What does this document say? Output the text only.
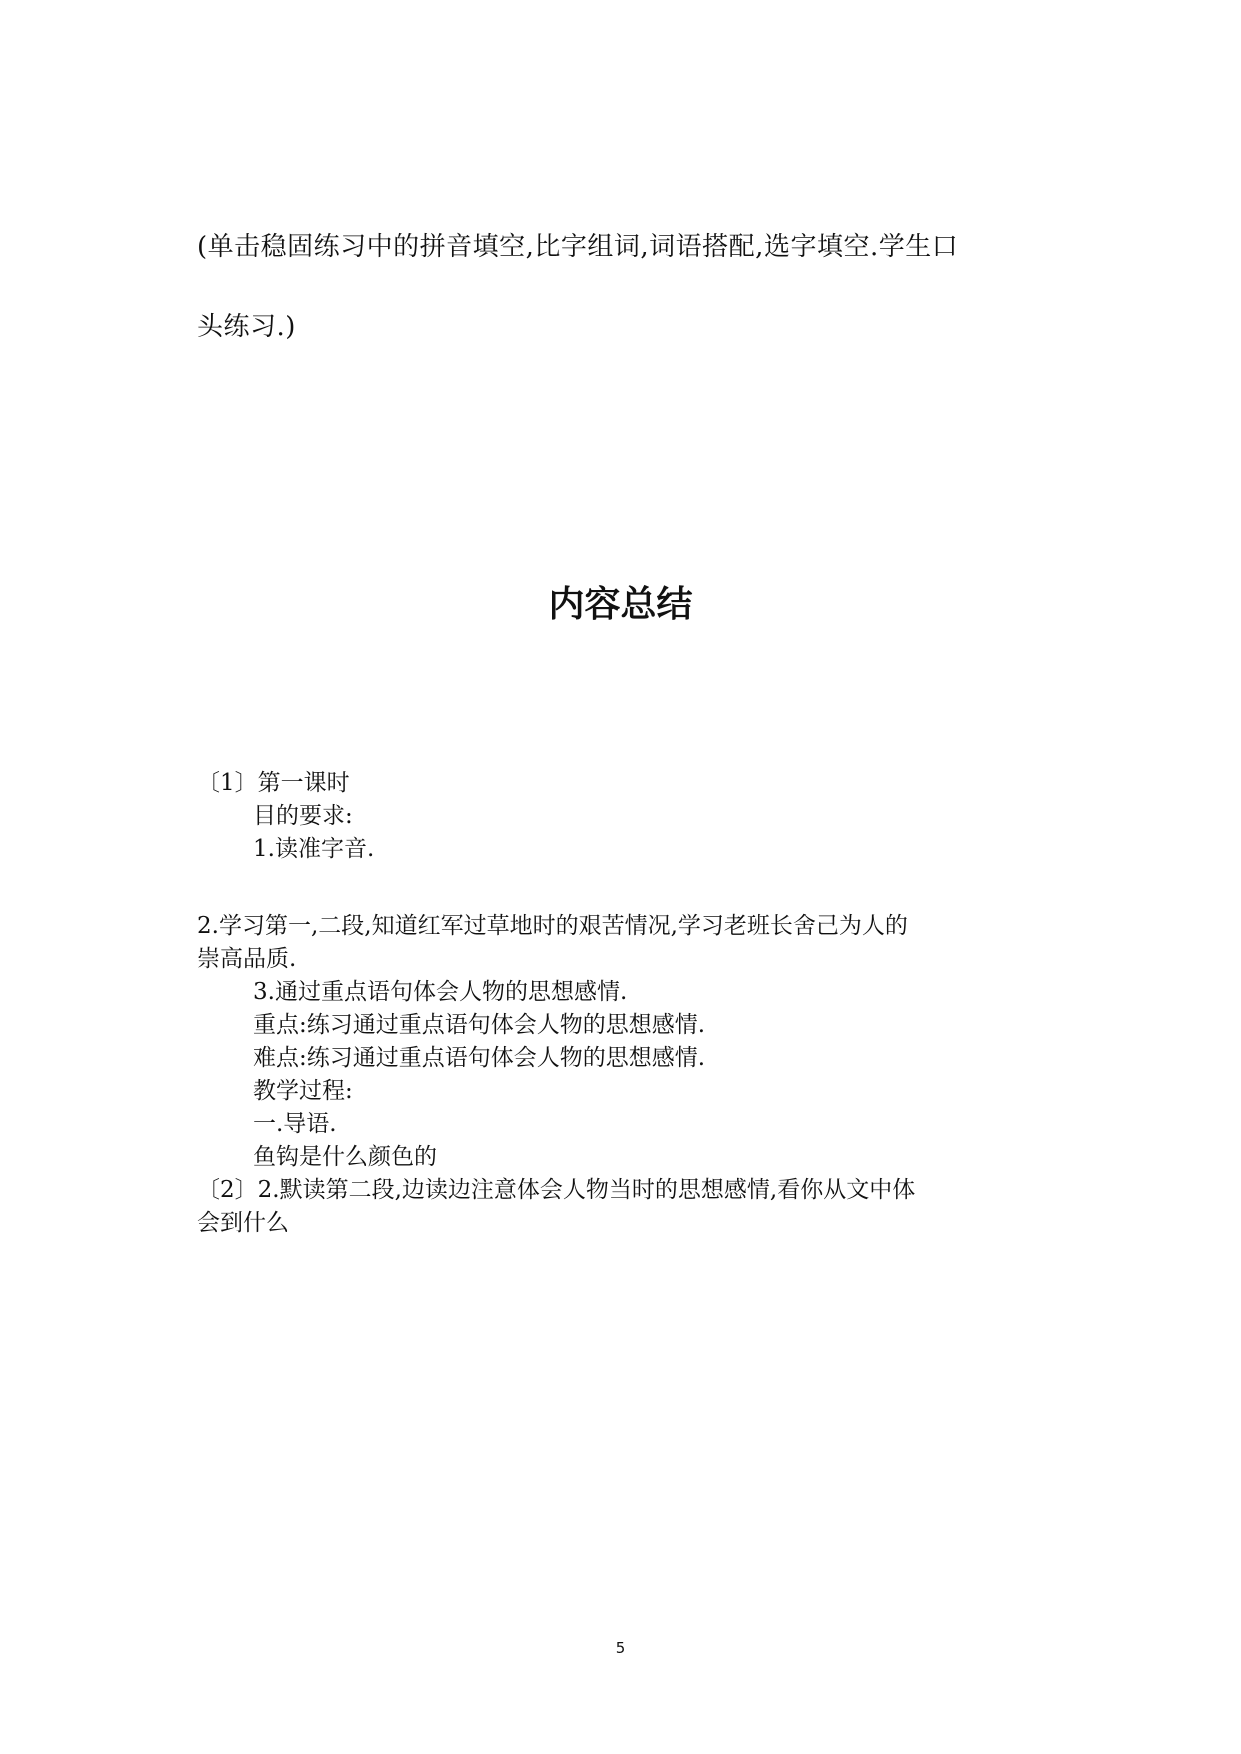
(单击稳固练习中的拼音填空,比字组词,词语搭配,选字填空.学生口
头练习.)
内容总结
〔1〕第一课时
目的要求:
1.读准字音.
2.学习第一,二段,知道红军过草地时的艰苦情况,学习老班长舍己为人的
崇高品质.
3.通过重点语句体会人物的思想感情.
重点:练习通过重点语句体会人物的思想感情.
难点:练习通过重点语句体会人物的思想感情.
教学过程:
一.导语.
鱼钩是什么颜色的
〔2〕2.默读第二段,边读边注意体会人物当时的思想感情,看你从文中体
会到什么
5
